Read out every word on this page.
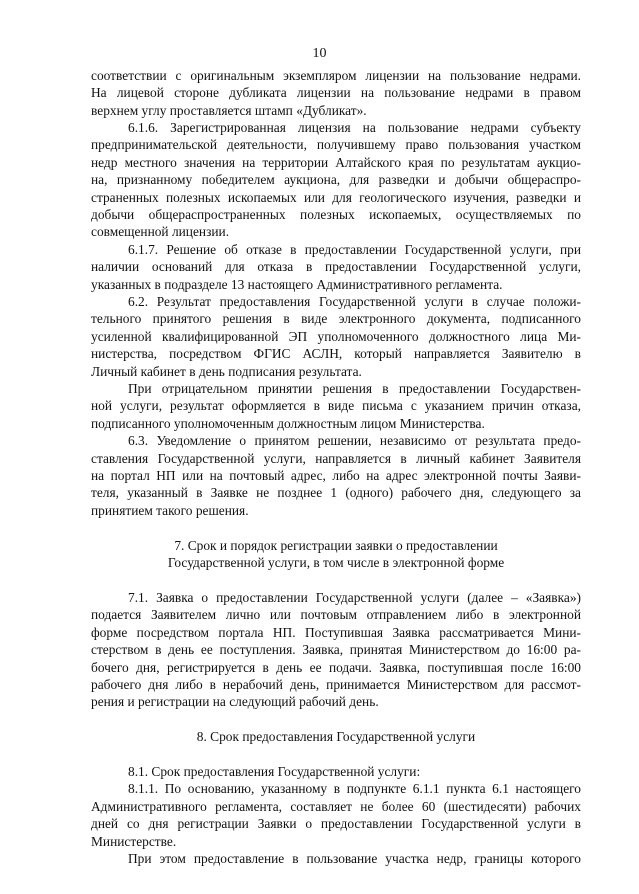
10
соответствии с оригинальным экземпляром лицензии на пользование недрами.
На лицевой стороне дубликата лицензии на пользование недрами в правом
верхнем углу проставляется штамп «Дубликат».
6.1.6. Зарегистрированная лицензия на пользование недрами субъекту
предпринимательской деятельности, получившему право пользования участком
недр местного значения на территории Алтайского края по результатам аукцио-
на, признанному победителем аукциона, для разведки и добычи общераспро-
страненных полезных ископаемых или для геологического изучения, разведки и
добычи общераспространенных полезных ископаемых, осуществляемых по
совмещенной лицензии.
6.1.7. Решение об отказе в предоставлении Государственной услуги, при
наличии оснований для отказа в предоставлении Государственной услуги,
указанных в подразделе 13 настоящего Административного регламента.
6.2. Результат предоставления Государственной услуги в случае положи-
тельного принятого решения в виде электронного документа, подписанного
усиленной квалифицированной ЭП уполномоченного должностного лица Ми-
нистерства, посредством ФГИС АСЛН, который направляется Заявителю в
Личный кабинет в день подписания результата.
При отрицательном принятии решения в предоставлении Государствен-
ной услуги, результат оформляется в виде письма с указанием причин отказа,
подписанного уполномоченным должностным лицом Министерства.
6.3. Уведомление о принятом решении, независимо от результата предо-
ставления Государственной услуги, направляется в личный кабинет Заявителя
на портал НП или на почтовый адрес, либо на адрес электронной почты Заяви-
теля, указанный в Заявке не позднее 1 (одного) рабочего дня, следующего за
принятием такого решения.
7. Срок и порядок регистрации заявки о предоставлении
Государственной услуги, в том числе в электронной форме
7.1. Заявка о предоставлении Государственной услуги (далее – «Заявка»)
подается Заявителем лично или почтовым отправлением либо в электронной
форме посредством портала НП. Поступившая Заявка рассматривается Мини-
стерством в день ее поступления. Заявка, принятая Министерством до 16:00 ра-
бочего дня, регистрируется в день ее подачи. Заявка, поступившая после 16:00
рабочего дня либо в нерабочий день, принимается Министерством для рассмот-
рения и регистрации на следующий рабочий день.
8. Срок предоставления Государственной услуги
8.1. Срок предоставления Государственной услуги:
8.1.1. По основанию, указанному в подпункте 6.1.1 пункта 6.1 настоящего
Административного регламента, составляет не более 60 (шестидесяти) рабочих
дней со дня регистрации Заявки о предоставлении Государственной услуги в
Министерстве.
При этом предоставление в пользование участка недр, границы которого
